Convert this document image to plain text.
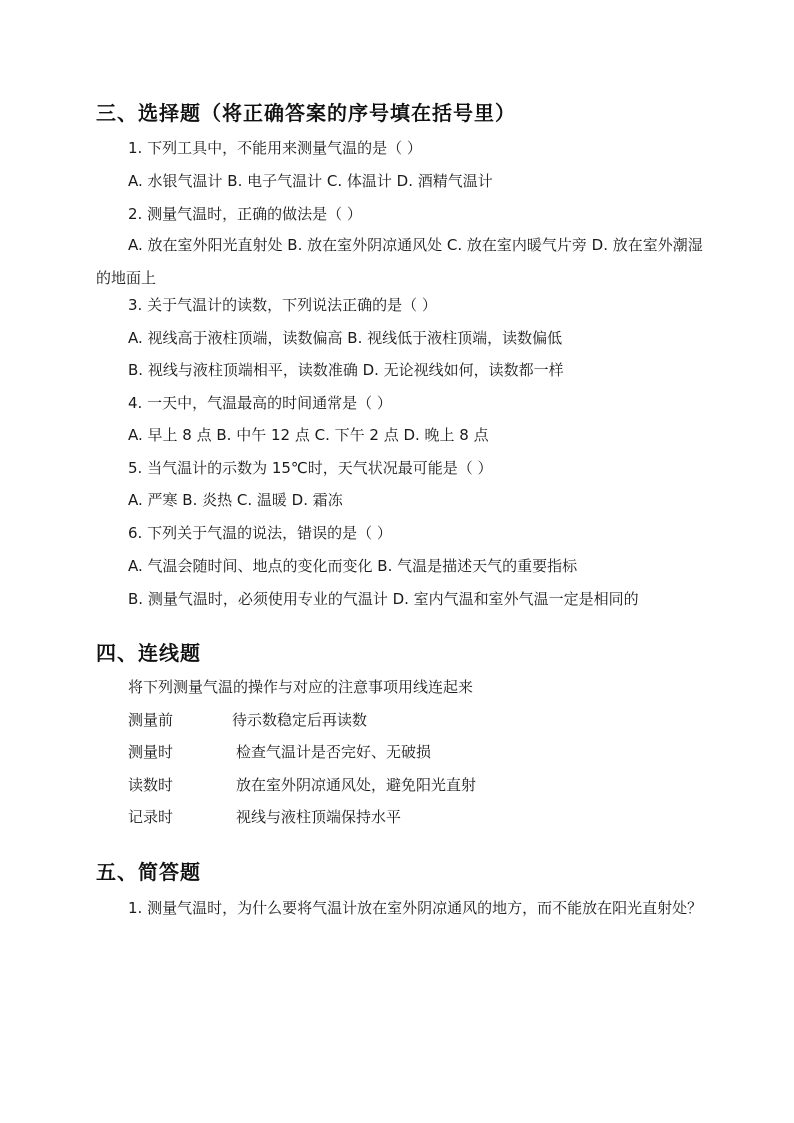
三、选择题（将正确答案的序号填在括号里）
1. 下列工具中，不能用来测量气温的是（ ）
A. 水银气温计 B. 电子气温计 C. 体温计 D. 酒精气温计
2. 测量气温时，正确的做法是（ ）
A. 放在室外阳光直射处 B. 放在室外阴凉通风处 C. 放在室内暖气片旁 D. 放在室外潮湿的地面上
3. 关于气温计的读数，下列说法正确的是（ ）
A. 视线高于液柱顶端，读数偏高 B. 视线低于液柱顶端，读数偏低
B. 视线与液柱顶端相平，读数准确 D. 无论视线如何，读数都一样
4. 一天中，气温最高的时间通常是（ ）
A. 早上 8 点 B. 中午 12 点 C. 下午 2 点 D. 晚上 8 点
5. 当气温计的示数为 15℃时，天气状况最可能是（ ）
A. 严寒 B. 炎热 C. 温暖 D. 霜冻
6. 下列关于气温的说法，错误的是（ ）
A. 气温会随时间、地点的变化而变化 B. 气温是描述天气的重要指标
B. 测量气温时，必须使用专业的气温计 D. 室内气温和室外气温一定是相同的
四、连线题
将下列测量气温的操作与对应的注意事项用线连起来
测量前	待示数稳定后再读数
测量时	检查气温计是否完好、无破损
读数时	放在室外阴凉通风处，避免阳光直射
记录时	视线与液柱顶端保持水平
五、简答题
1. 测量气温时，为什么要将气温计放在室外阴凉通风的地方，而不能放在阳光直射处？
